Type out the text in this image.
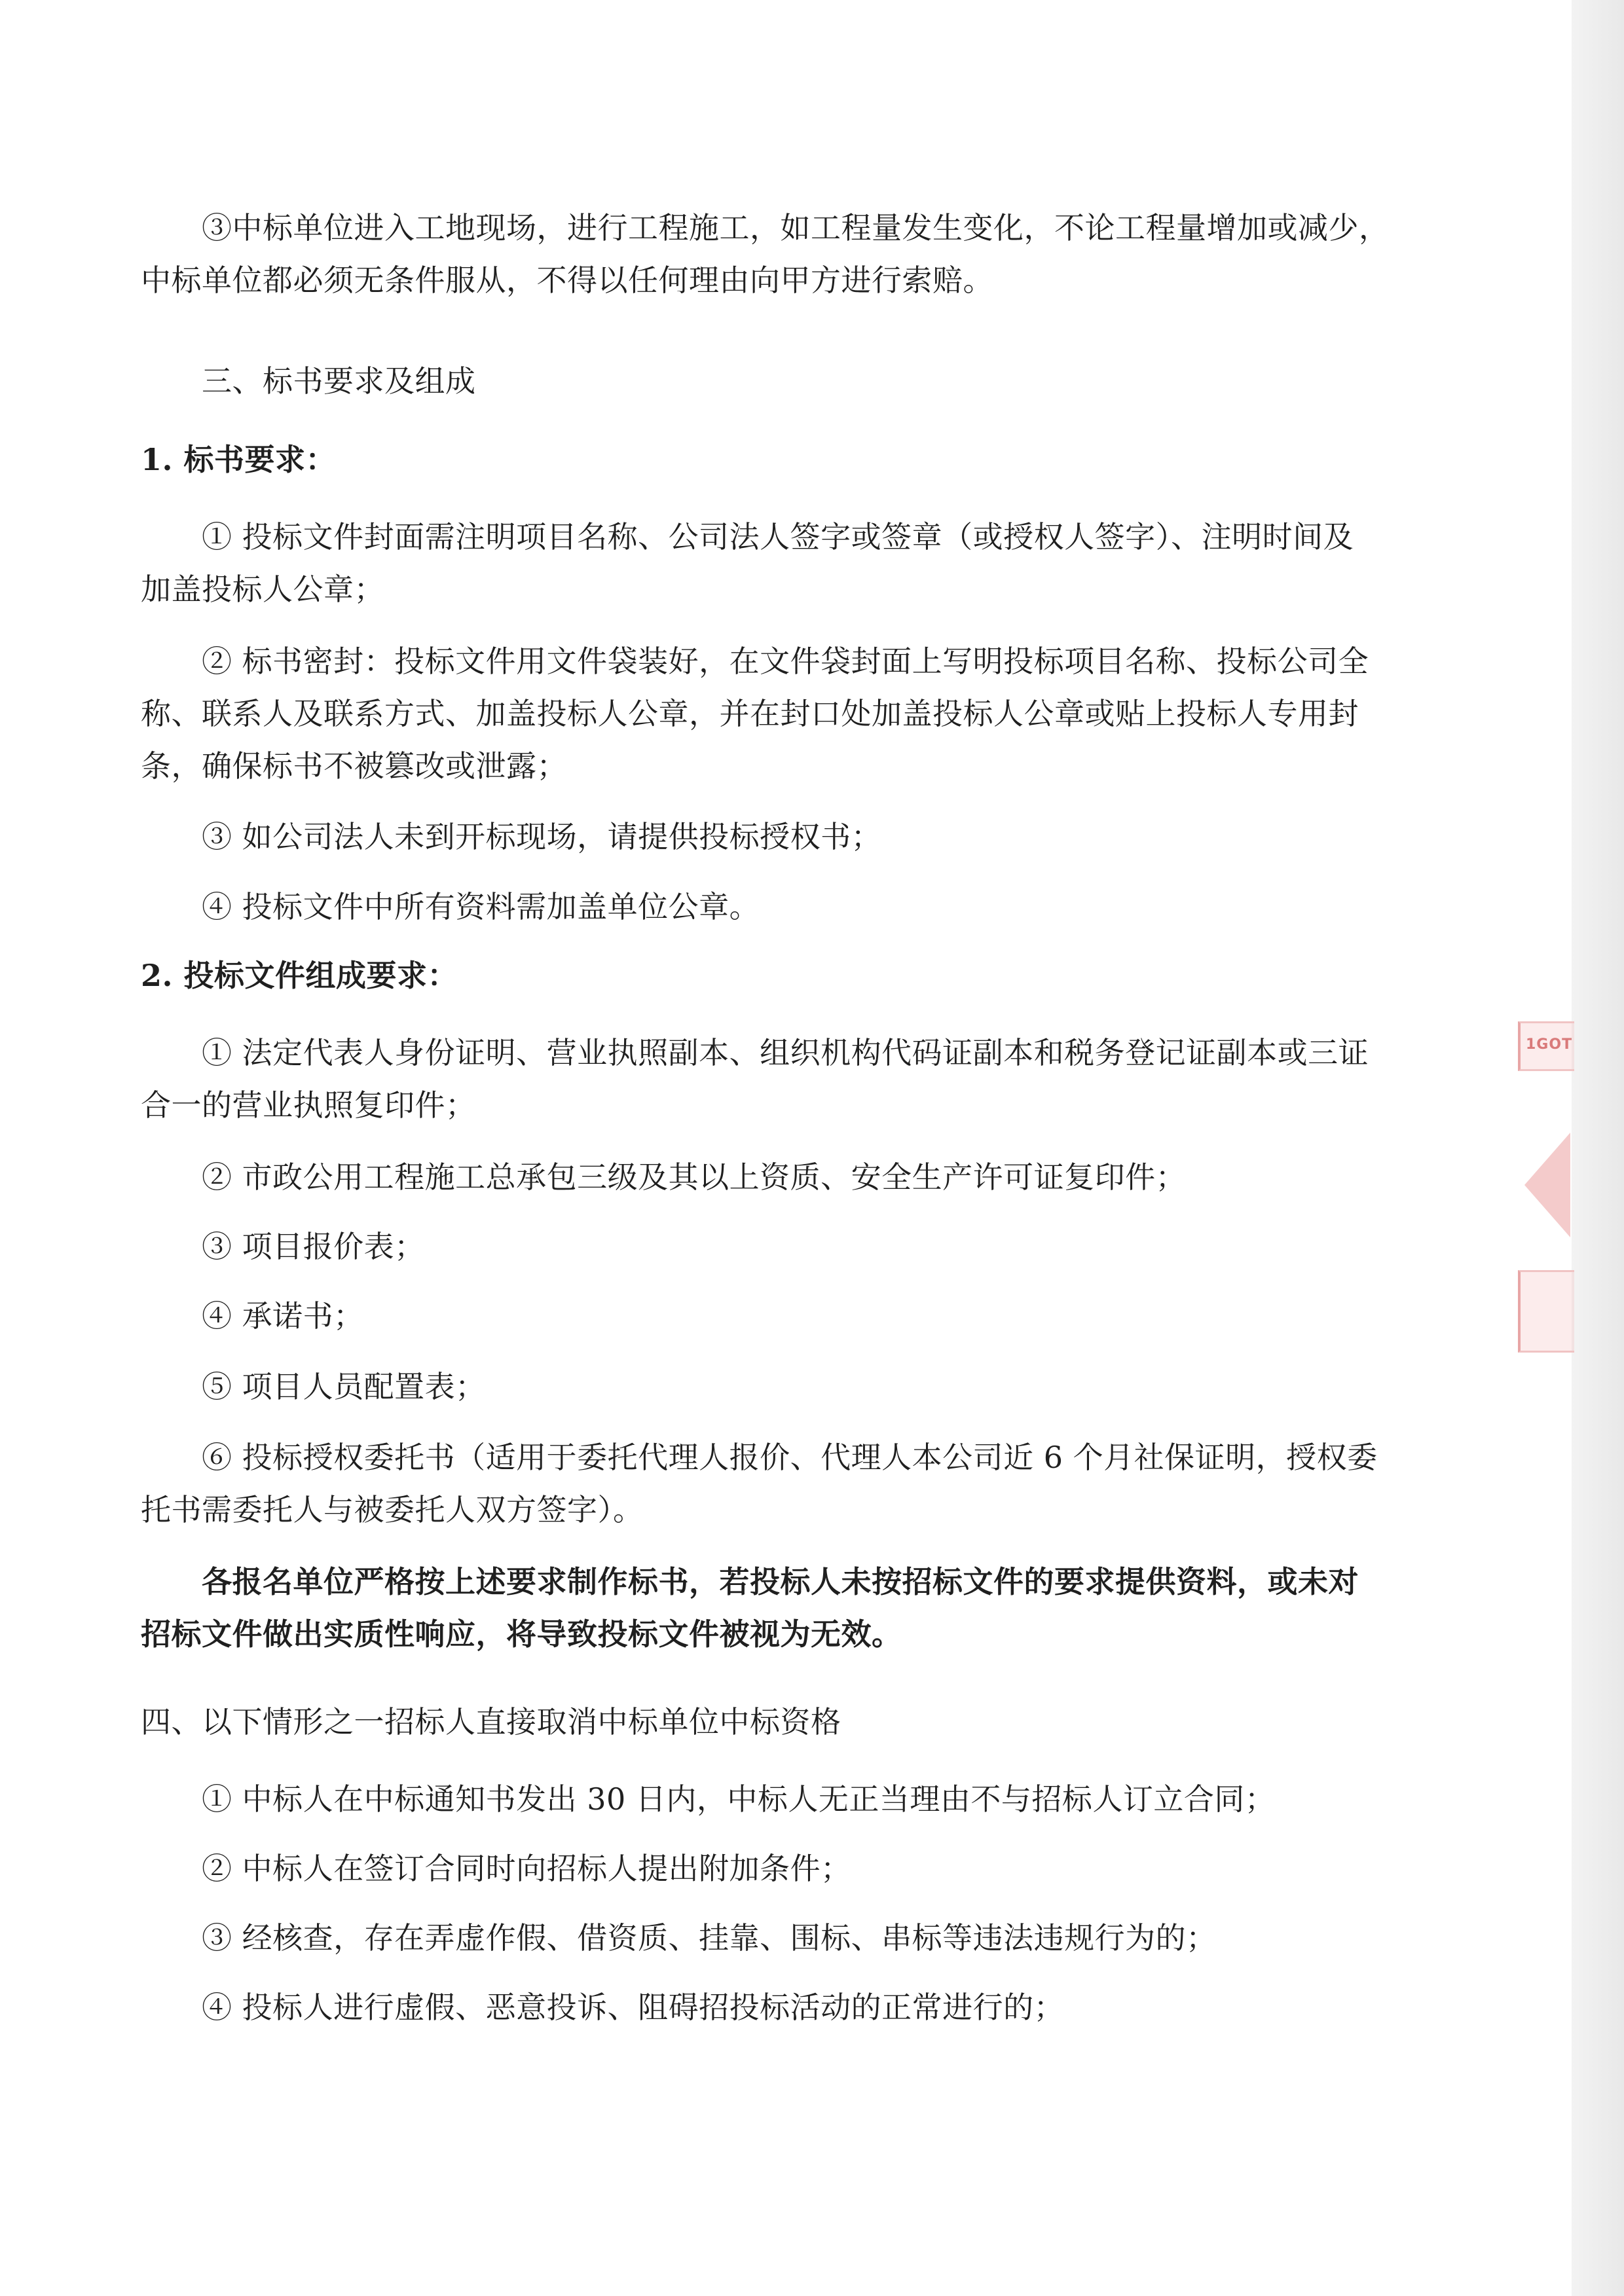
③中标单位进入工地现场，进行工程施工，如工程量发生变化，不论工程量增加或减少，
中标单位都必须无条件服从，不得以任何理由向甲方进行索赔。
三、标书要求及组成
1. 标书要求：
① 投标文件封面需注明项目名称、公司法人签字或签章（或授权人签字）、注明时间及
加盖投标人公章；
② 标书密封：投标文件用文件袋装好，在文件袋封面上写明投标项目名称、投标公司全
称、联系人及联系方式、加盖投标人公章，并在封口处加盖投标人公章或贴上投标人专用封
条，确保标书不被篡改或泄露；
③ 如公司法人未到开标现场，请提供投标授权书；
④ 投标文件中所有资料需加盖单位公章。
2. 投标文件组成要求：
① 法定代表人身份证明、营业执照副本、组织机构代码证副本和税务登记证副本或三证
合一的营业执照复印件；
② 市政公用工程施工总承包三级及其以上资质、安全生产许可证复印件；
③ 项目报价表；
④ 承诺书；
⑤ 项目人员配置表；
⑥ 投标授权委托书（适用于委托代理人报价、代理人本公司近 6 个月社保证明，授权委
托书需委托人与被委托人双方签字）。
各报名单位严格按上述要求制作标书，若投标人未按招标文件的要求提供资料，或未对
招标文件做出实质性响应，将导致投标文件被视为无效。
四、以下情形之一招标人直接取消中标单位中标资格
① 中标人在中标通知书发出 30 日内，中标人无正当理由不与招标人订立合同；
② 中标人在签订合同时向招标人提出附加条件；
③ 经核查，存在弄虚作假、借资质、挂靠、围标、串标等违法违规行为的；
④ 投标人进行虚假、恶意投诉、阻碍招投标活动的正常进行的；
1GOT
